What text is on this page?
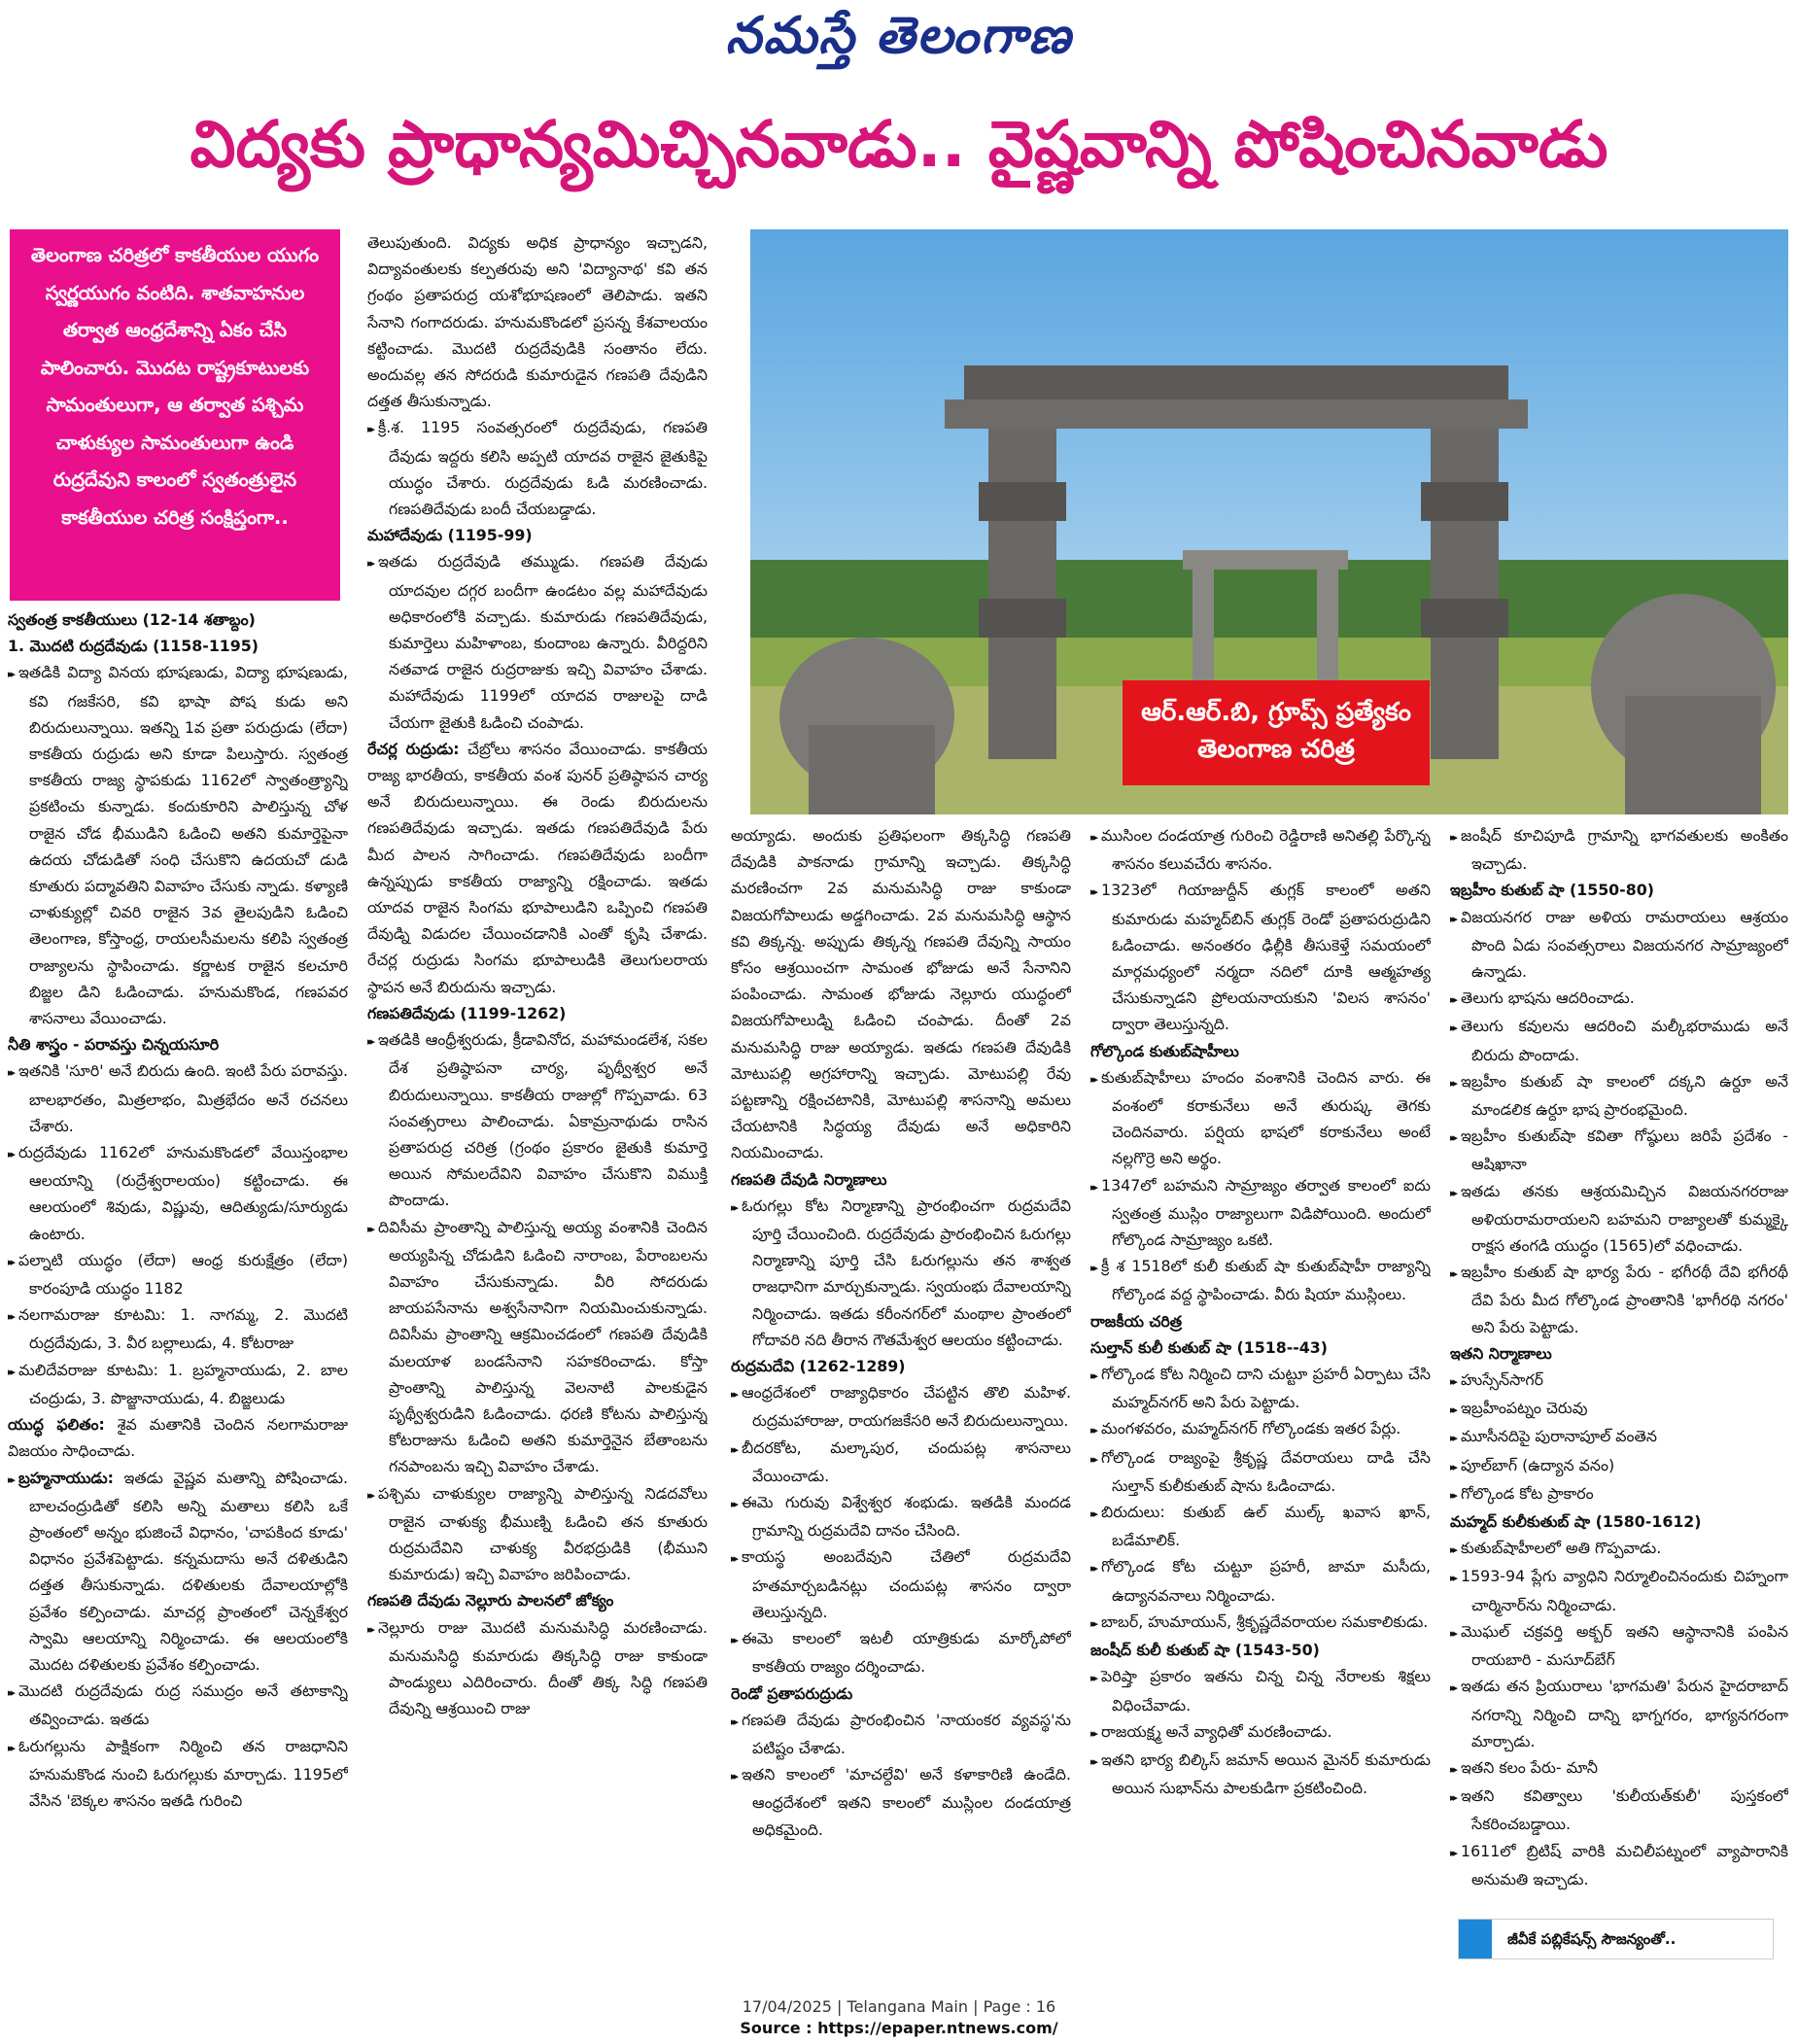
నమస్తే తెలంగాణ
విద్యకు ప్రాధాన్యమిచ్చినవాడు.. వైష్ణవాన్ని పోషించినవాడు

తెలంగాణ చరిత్రలో కాకతీయుల యుగం స్వర్ణయుగం వంటిది. శాతవాహనుల తర్వాత ఆంధ్రదేశాన్ని ఏకం చేసి పాలించారు. మొదట రాష్ట్రకూటులకు సామంతులుగా, ఆ తర్వాత పశ్చిమ చాళుక్యుల సామంతులుగా ఉండి రుద్రదేవుని కాలంలో స్వతంత్రులైన కాకతీయుల చరిత్ర సంక్షిప్తంగా..

స్వతంత్ర కాకతీయులు (12-14 శతాబ్దం)

1. మొదటి రుద్రదేవుడు (1158-1195)

▸▸ ఇతడికి విద్యా వినయ భూషణుడు, విద్యా భూషణుడు, కవి గజకేసరి, కవి భాషా పోష కుడు అని బిరుదులున్నాయి. ఇతన్ని 1వ ప్రతా పరుద్రుడు (లేదా) కాకతీయ రుద్రుడు అని కూడా పిలుస్తారు. స్వతంత్ర కాకతీయ రాజ్య స్థాపకుడు 1162లో స్వాతంత్ర్యాన్ని ప్రకటించు కున్నాడు. కందుకూరిని పాలిస్తున్న చోళ రాజైన చోడ భీముడిని ఓడించి అతని కుమార్తెపైనా ఉదయ చోడుడితో సంధి చేసుకొని ఉదయచో డుడి కూతురు పద్మావతిని వివాహం చేసుకు న్నాడు. కళ్యాణి చాళుక్యుల్లో చివరి రాజైన 3వ తైలపుడిని ఓడించి తెలంగాణ, కోస్తాంధ్ర, రాయలసీమలను కలిపి స్వతంత్ర రాజ్యాలను స్థాపించాడు. కర్ణాటక రాజైన కలచూరి బిజ్జల డిని ఓడించాడు. హనుమకొండ, గణపవర శాసనాలు వేయించాడు.

నీతి శాస్త్రం - పరావస్తు చిన్నయసూరి

▸▸ ఇతనికి 'సూరి' అనే బిరుదు ఉంది. ఇంటి పేరు పరావస్తు. బాలభారతం, మిత్రలాభం, మిత్రభేదం అనే రచనలు చేశారు.

▸▸ రుద్రదేవుడు 1162లో హనుమకొండలో వేయిస్తంభాల ఆలయాన్ని (రుద్రేశ్వరాలయం) కట్టించాడు. ఈ ఆలయంలో శివుడు, విష్ణువు, ఆదిత్యుడు/సూర్యుడు ఉంటారు.

▸▸ పల్నాటి యుద్ధం (లేదా) ఆంధ్ర కురుక్షేత్రం (లేదా) కారంపూడి యుద్ధం 1182

▸▸ నలగామరాజు కూటమి: 1. నాగమ్మ, 2. మొదటి రుద్రదేవుడు, 3. వీర బల్లాలుడు, 4. కోటరాజు

▸▸ మలిదేవరాజు కూటమి: 1. బ్రహ్మనాయుడు, 2. బాల చంద్రుడు, 3. పొజ్జానాయుడు, 4. బిజ్జలుడు

యుద్ధ ఫలితం: శైవ మతానికి చెందిన నలగామరాజు విజయం సాధించాడు.

▸▸ బ్రహ్మనాయుడు: ఇతడు వైష్ణవ మతాన్ని పోషించాడు. బాలచంద్రుడితో కలిసి అన్ని మతాలు కలిసి ఒకే ప్రాంతంలో అన్నం భుజించే విధానం, 'చాపకింద కూడు' విధానం ప్రవేశపెట్టాడు. కన్నమదాసు అనే దళితుడిని దత్తత తీసుకున్నాడు. దళితులకు దేవాలయాల్లోకి ప్రవేశం కల్పించాడు. మాచర్ల ప్రాంతంలో చెన్నకేశ్వర స్వామి ఆలయాన్ని నిర్మించాడు. ఈ ఆలయంలోకి మొదట దళితులకు ప్రవేశం కల్పించాడు.

▸▸ మొదటి రుద్రదేవుడు రుద్ర సముద్రం అనే తటాకాన్ని తవ్వించాడు. ఇతడు

▸▸ ఓరుగల్లును పాక్షికంగా నిర్మించి తన రాజధానిని హనుమకొండ నుంచి ఓరుగల్లుకు మార్చాడు. 1195లో వేసిన 'బెక్కల శాసనం ఇతడి గురించి

తెలుపుతుంది. విద్యకు అధిక ప్రాధాన్యం ఇచ్చాడని, విద్యావంతులకు కల్పతరువు అని 'విద్యానాథ' కవి తన గ్రంథం ప్రతాపరుద్ర యశోభూషణంలో తెలిపాడు. ఇతని సేనాని గంగాదరుడు. హనుమకొండలో ప్రసన్న కేశవాలయం కట్టించాడు. మొదటి రుద్రదేవుడికి సంతానం లేదు. అందువల్ల తన సోదరుడి కుమారుడైన గణపతి దేవుడిని దత్తత తీసుకున్నాడు.

▸▸ క్రీ.శ. 1195 సంవత్సరంలో రుద్రదేవుడు, గణపతి దేవుడు ఇద్దరు కలిసి అప్పటి యాదవ రాజైన జైతుకిపై యుద్ధం చేశారు. రుద్రదేవుడు ఓడి మరణించాడు. గణపతిదేవుడు బందీ చేయబడ్డాడు.

మహాదేవుడు (1195-99)

▸▸ ఇతడు రుద్రదేవుడి తమ్ముడు. గణపతి దేవుడు యాదవుల దగ్గర బందీగా ఉండటం వల్ల మహాదేవుడు అధికారంలోకి వచ్చాడు. కుమారుడు గణపతిదేవుడు, కుమార్తెలు మహిళాంబ, కుందాంబ ఉన్నారు. వీరిద్దరిని నతవాడ రాజైన రుద్రరాజుకు ఇచ్చి వివాహం చేశాడు. మహాదేవుడు 1199లో యాదవ రాజులపై దాడి చేయగా జైతుకి ఓడించి చంపాడు.

రేచర్ల రుద్రుడు: చేబ్రోలు శాసనం వేయించాడు. కాకతీయ రాజ్య భారతీయ, కాకతీయ వంశ పునర్ ప్రతిష్ఠాపన చార్య అనే బిరుదులున్నాయి. ఈ రెండు బిరుదులను గణపతిదేవుడు ఇచ్చాడు. ఇతడు గణపతిదేవుడి పేరు మీద పాలన సాగించాడు. గణపతిదేవుడు బందీగా ఉన్నప్పుడు కాకతీయ రాజ్యాన్ని రక్షించాడు. ఇతడు యాదవ రాజైన సింగమ భూపాలుడిని ఒప్పించి గణపతి దేవుడ్ని విడుదల చేయించడానికి ఎంతో కృషి చేశాడు. రేచర్ల రుద్రుడు సింగమ భూపాలుడికి తెలుగులరాయ స్థాపన అనే బిరుదును ఇచ్చాడు.

గణపతిదేవుడు (1199-1262)

▸▸ ఇతడికి ఆంధ్రీశ్వరుడు, క్రీడావినోద, మహామండలేశ, సకల దేశ ప్రతిష్ఠాపనా చార్య, పృథ్వీశ్వర అనే బిరుదులున్నాయి. కాకతీయ రాజుల్లో గొప్పవాడు. 63 సంవత్సరాలు పాలించాడు. ఏకామ్రనాథుడు రాసిన ప్రతాపరుద్ర చరిత్ర (గ్రంథం ప్రకారం జైతుకి కుమార్తె అయిన సోమలదేవిని వివాహం చేసుకొని విముక్తి పొందాడు.

▸▸ దివిసీమ ప్రాంతాన్ని పాలిస్తున్న అయ్య వంశానికి చెందిన అయ్యపిన్న చోడుడిని ఓడించి నారాంబ, పేరాంబలను వివాహం చేసుకున్నాడు. వీరి సోదరుడు జాయపసేనాను అశ్వసేనానిగా నియమించుకున్నాడు. దివిసీమ ప్రాంతాన్ని ఆక్రమించడంలో గణపతి దేవుడికి మలయాళ బండసేనాని సహకరించాడు. కోస్తా ప్రాంతాన్ని పాలిస్తున్న వెలనాటి పాలకుడైన పృథ్వీశ్వరుడిని ఓడించాడు. ధరణి కోటను పాలిస్తున్న కోటరాజును ఓడించి అతని కుమార్తెనైన బేతాంబను గనపాంబను ఇచ్చి వివాహం చేశాడు.

▸▸ పశ్చిమ చాళుక్యుల రాజ్యాన్ని పాలిస్తున్న నిడదవోలు రాజైన చాళుక్య భీముణ్ని ఓడించి తన కూతురు రుద్రమదేవిని చాళుక్య వీరభద్రుడికి (భీముని కుమారుడు) ఇచ్చి వివాహం జరిపించాడు.

గణపతి దేవుడు నెల్లూరు పాలనలో జోక్యం

▸▸ నెల్లూరు రాజు మొదటి మనుమసిద్ధి మరణించాడు. మనుమసిద్ధి కుమారుడు తిక్కసిద్ధి రాజు కాకుండా పాండ్యులు ఎదిరించారు. దీంతో తిక్క సిద్ధి గణపతి దేవున్ని ఆశ్రయించి రాజు

ఆర్.ఆర్.బి, గ్రూప్స్ ప్రత్యేకం
తెలంగాణ చరిత్ర

అయ్యాడు. అందుకు ప్రతిఫలంగా తిక్కసిద్ధి గణపతి దేవుడికి పాకనాడు గ్రామాన్ని ఇచ్చాడు. తిక్కసిద్ధి మరణించగా 2వ మనుమసిద్ధి రాజు కాకుండా విజయగోపాలుడు అడ్డగించాడు. 2వ మనుమసిద్ధి ఆస్థాన కవి తిక్కన్న. అప్పుడు తిక్కన్న గణపతి దేవున్ని సాయం కోసం ఆశ్రయించగా సామంత భోజుడు అనే సేనానిని పంపించాడు. సామంత భోజుడు నెల్లూరు యుద్ధంలో విజయగోపాలుడ్ని ఓడించి చంపాడు. దీంతో 2వ మనుమసిద్ధి రాజు అయ్యాడు. ఇతడు గణపతి దేవుడికి మోటుపల్లి అగ్రహారాన్ని ఇచ్చాడు. మోటుపల్లి రేవు పట్టణాన్ని రక్షించటానికి, మోటుపల్లి శాసనాన్ని అమలు చేయటానికి సిద్ధయ్య దేవుడు అనే అధికారిని నియమించాడు.

గణపతి దేవుడి నిర్మాణాలు

▸▸ ఓరుగల్లు కోట నిర్మాణాన్ని ప్రారంభించగా రుద్రమదేవి పూర్తి చేయించింది. రుద్రదేవుడు ప్రారంభించిన ఓరుగల్లు నిర్మాణాన్ని పూర్తి చేసి ఓరుగల్లును తన శాశ్వత రాజధానిగా మార్చుకున్నాడు. స్వయంభు దేవాలయాన్ని నిర్మించాడు. ఇతడు కరీంనగర్‌లో మంథాల ప్రాంతంలో గోదావరి నది తీరాన గౌతమేశ్వర ఆలయం కట్టించాడు.

రుద్రమదేవి (1262-1289)

▸▸ ఆంధ్రదేశంలో రాజ్యాధికారం చేపట్టిన తొలి మహిళ. రుద్రమహారాజు, రాయగజకేసరి అనే బిరుదులున్నాయి.

▸▸ బీదరకోట, మల్కాపుర, చందుపట్ల శాసనాలు వేయించాడు.

▸▸ ఈమె గురువు విశ్వేశ్వర శంభుడు. ఇతడికి మందడ గ్రామాన్ని రుద్రమదేవి దానం చేసింది.

▸▸ కాయస్థ అంబదేవుని చేతిలో రుద్రమదేవి హతమార్చబడినట్లు చందుపట్ల శాసనం ద్వారా తెలుస్తున్నది.

▸▸ ఈమె కాలంలో ఇటలీ యాత్రికుడు మార్కోపోలో కాకతీయ రాజ్యం దర్శించాడు.

రెండో ప్రతాపరుద్రుడు

▸▸ గణపతి దేవుడు ప్రారంభించిన 'నాయంకర వ్యవస్థ'ను పటిష్టం చేశాడు.

▸▸ ఇతని కాలంలో 'మాచల్దేవి' అనే కళాకారిణి ఉండేది. ఆంధ్రదేశంలో ఇతని కాలంలో ముస్లింల దండయాత్ర అధికమైంది.

▸▸ ముసింల దండయాత్ర గురించి రెడ్డిరాణి అనితల్లి పేర్కొన్న శాసనం కలువచేరు శాసనం.

▸▸ 1323లో గియాజుద్దీన్ తుగ్లక్ కాలంలో అతని కుమారుడు మహ్మద్‌బిన్ తుగ్లక్ రెండో ప్రతాపరుద్రుడిని ఓడించాడు. అనంతరం ఢిల్లీకి తీసుకెళ్తే సమయంలో మార్గమధ్యంలో నర్మదా నదిలో దూకి ఆత్మహత్య చేసుకున్నాడని ప్రోలయనాయకుని 'విలస శాసనం' ద్వారా తెలుస్తున్నది.

గోల్కొండ కుతుబ్‌షాహీలు

▸▸ కుతుబ్‌షాహీలు హందం వంశానికి చెందిన వారు. ఈ వంశంలో కరాకునేలు అనే తురుష్క తెగకు చెందినవారు. పర్షియ భాషలో కరాకునేలు అంటే నల్లగొర్రె అని అర్థం.

▸▸ 1347లో బహమని సామ్రాజ్యం తర్వాత కాలంలో ఐదు స్వతంత్ర ముస్లిం రాజ్యాలుగా విడిపోయింది. అందులో గోల్కొండ సామ్రాజ్యం ఒకటి.

▸▸ క్రీ శ 1518లో కులీ కుతుబ్ షా కుతుబ్‌షాహీ రాజ్యాన్ని గోల్కొండ వద్ద స్థాపించాడు. వీరు షియా ముస్లింలు.

రాజకీయ చరిత్ర

సుల్తాన్ కులీ కుతుబ్ షా (1518--43)

▸▸ గోల్కొండ కోట నిర్మించి దాని చుట్టూ ప్రహరీ ఏర్పాటు చేసి మహ్మద్‌నగర్ అని పేరు పెట్టాడు.

▸▸ మంగళవరం, మహ్మద్‌నగర్ గోల్కొండకు ఇతర పేర్లు.

▸▸ గోల్కొండ రాజ్యంపై శ్రీకృష్ణ దేవరాయలు దాడి చేసి సుల్తాన్ కులీకుతుబ్ షాను ఓడించాడు.

▸▸ బిరుదులు: కుతుబ్ ఉల్ ముల్క్ ఖవాస ఖాన్, బడేమాలిక్.

▸▸ గోల్కొండ కోట చుట్టూ ప్రహరీ, జామా మసీదు, ఉద్యానవనాలు నిర్మించాడు.

▸▸ బాబర్, హుమాయున్, శ్రీకృష్ణదేవరాయల సమకాలికుడు.

జంషీద్ కులీ కుతుబ్ షా (1543-50)

▸▸ పెరిష్తా ప్రకారం ఇతను చిన్న చిన్న నేరాలకు శిక్షలు విధించేవాడు.

▸▸ రాజయక్ష్మ అనే వ్యాధితో మరణించాడు.

▸▸ ఇతని భార్య బిల్కిస్ జమాన్ అయిన మైనర్ కుమారుడు అయిన సుభాన్‌ను పాలకుడిగా ప్రకటించింది.

▸▸ జంషీద్ కూచిపూడి గ్రామాన్ని భాగవతులకు అంకితం ఇచ్చాడు.

ఇబ్రహీం కుతుబ్ షా (1550-80)

▸▸ విజయనగర రాజు అళియ రామరాయలు ఆశ్రయం పొంది ఏడు సంవత్సరాలు విజయనగర సామ్రాజ్యంలో ఉన్నాడు.

▸▸ తెలుగు భాషను ఆదరించాడు.

▸▸ తెలుగు కవులను ఆదరించి మల్కీభరాముడు అనే బిరుదు పొందాడు.

▸▸ ఇబ్రహీం కుతుబ్ షా కాలంలో దక్కని ఉర్దూ అనే మాండలిక ఉర్దూ భాష ప్రారంభమైంది.

▸▸ ఇబ్రహీం కుతుబ్‌షా కవితా గోష్ఠులు జరిపే ప్రదేశం - ఆషిఖానా

▸▸ ఇతడు తనకు ఆశ్రయమిచ్చిన విజయనగరరాజు అళియరామరాయలని బహమని రాజ్యాలతో కుమ్మక్కై రాక్షస తంగడి యుద్ధం (1565)లో వధించాడు.

▸▸ ఇబ్రహీం కుతుబ్ షా భార్య పేరు - భగీరథీ దేవి భగీరథీ దేవి పేరు మీద గోల్కొండ ప్రాంతానికి 'భాగీరథి నగరం' అని పేరు పెట్టాడు.

ఇతని నిర్మాణాలు

▸▸ హుస్సేన్‌సాగర్

▸▸ ఇబ్రహీంపట్నం చెరువు

▸▸ మూసీనదిపై పురానాపూల్ వంతెన

▸▸ పూల్‌బాగ్ (ఉద్యాన వనం)

▸▸ గోల్కొండ కోట ప్రాకారం

మహ్మద్ కులీకుతుబ్ షా (1580-1612)

▸▸ కుతుబ్‌షాహీలలో అతి గొప్పవాడు.

▸▸ 1593-94 ప్లేగు వ్యాధిని నిర్మూలించినందుకు చిహ్నంగా చార్మినార్‌ను నిర్మించాడు.

▸▸ మొఘల్ చక్రవర్తి అక్బర్ ఇతని ఆస్థానానికి పంపిన రాయబారి - మసూద్‌బేగ్

▸▸ ఇతడు తన ప్రియురాలు 'భాగమతి' పేరున హైదరాబాద్ నగరాన్ని నిర్మించి దాన్ని భాగ్నగరం, భాగ్యనగరంగా మార్చాడు.

▸▸ ఇతని కలం పేరు- మానీ

▸▸ ఇతని కవిత్వాలు 'కులీయత్‌కులీ' పుస్తకంలో సేకరించబడ్డాయి.

▸▸ 1611లో బ్రిటిష్ వారికి మచిలీపట్నంలో వ్యాపారానికి అనుమతి ఇచ్చాడు.

జీవీకే పబ్లికేషన్స్ సౌజన్యంతో..
17/04/2025 | Telangana Main | Page : 16
Source : https://epaper.ntnews.com/
